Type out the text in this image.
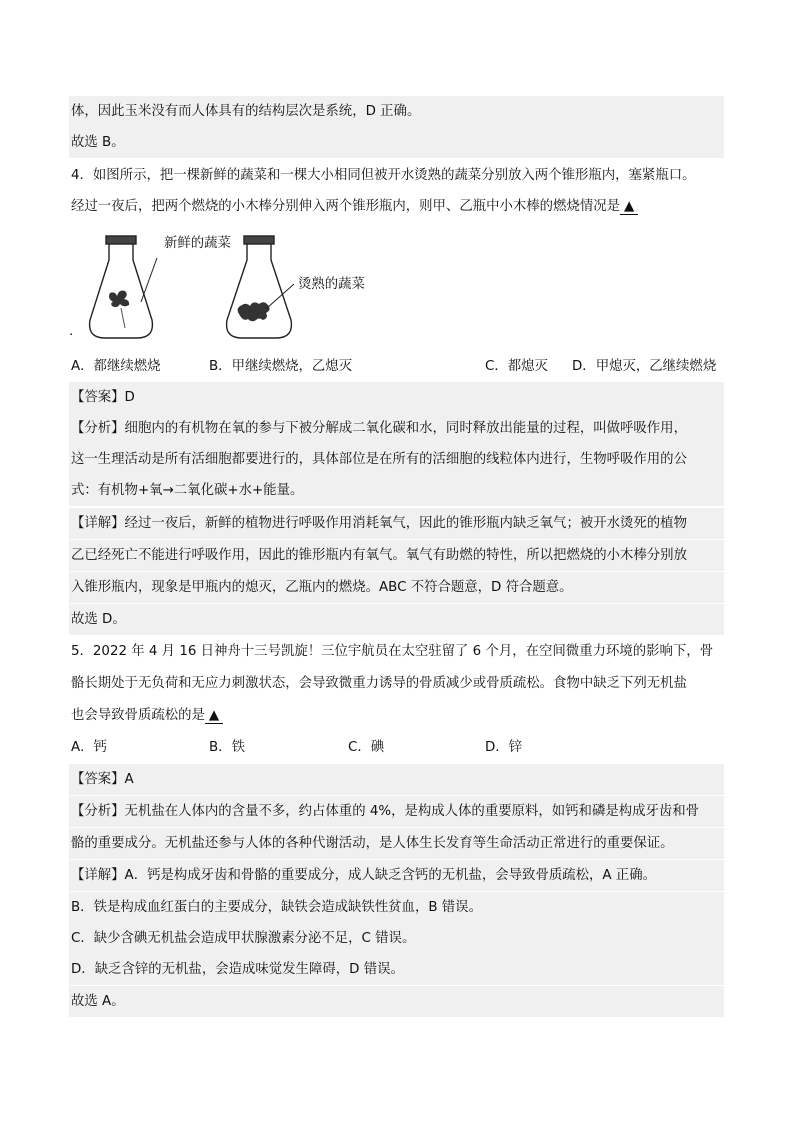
体，因此玉米没有而人体具有的结构层次是系统，D 正确。
故选 B。
4．如图所示，把一棵新鲜的蔬菜和一棵大小相同但被开水烫熟的蔬菜分别放入两个锥形瓶内，塞紧瓶口。
经过一夜后，把两个燃烧的小木棒分别伸入两个锥形瓶内，则甲、乙瓶中小木棒的燃烧情况是 ▲
新鲜的蔬菜
烫熟的蔬菜
·
A．都继续燃烧	B．甲继续燃烧，乙熄灭	C．都熄灭 D．甲熄灭，乙继续燃烧
【答案】D
【分析】细胞内的有机物在氧的参与下被分解成二氧化碳和水，同时释放出能量的过程，叫做呼吸作用，
这一生理活动是所有活细胞都要进行的，具体部位是在所有的活细胞的线粒体内进行，生物呼吸作用的公
式：有机物+氧→二氧化碳+水+能量。
【详解】经过一夜后，新鲜的植物进行呼吸作用消耗氧气，因此的锥形瓶内缺乏氧气；被开水烫死的植物
乙已经死亡不能进行呼吸作用，因此的锥形瓶内有氧气。氧气有助燃的特性，所以把燃烧的小木棒分别放
入锥形瓶内，现象是甲瓶内的熄灭，乙瓶内的燃烧。ABC 不符合题意，D 符合题意。
故选 D。
5．2022 年 4 月 16 日神舟十三号凯旋！三位宇航员在太空驻留了 6 个月，在空间微重力环境的影响下，骨
骼长期处于无负荷和无应力刺激状态，会导致微重力诱导的骨质减少或骨质疏松。食物中缺乏下列无机盐
也会导致骨质疏松的是 ▲
A．钙	B．铁	C．碘	D．锌
【答案】A
【分析】无机盐在人体内的含量不多，约占体重的 4%，是构成人体的重要原料，如钙和磷是构成牙齿和骨
骼的重要成分。无机盐还参与人体的各种代谢活动，是人体生长发育等生命活动正常进行的重要保证。
【详解】A．钙是构成牙齿和骨骼的重要成分，成人缺乏含钙的无机盐，会导致骨质疏松，A 正确。
B．铁是构成血红蛋白的主要成分，缺铁会造成缺铁性贫血，B 错误。
C．缺少含碘无机盐会造成甲状腺激素分泌不足，C 错误。
D．缺乏含锌的无机盐，会造成味觉发生障碍，D 错误。
故选 A。
